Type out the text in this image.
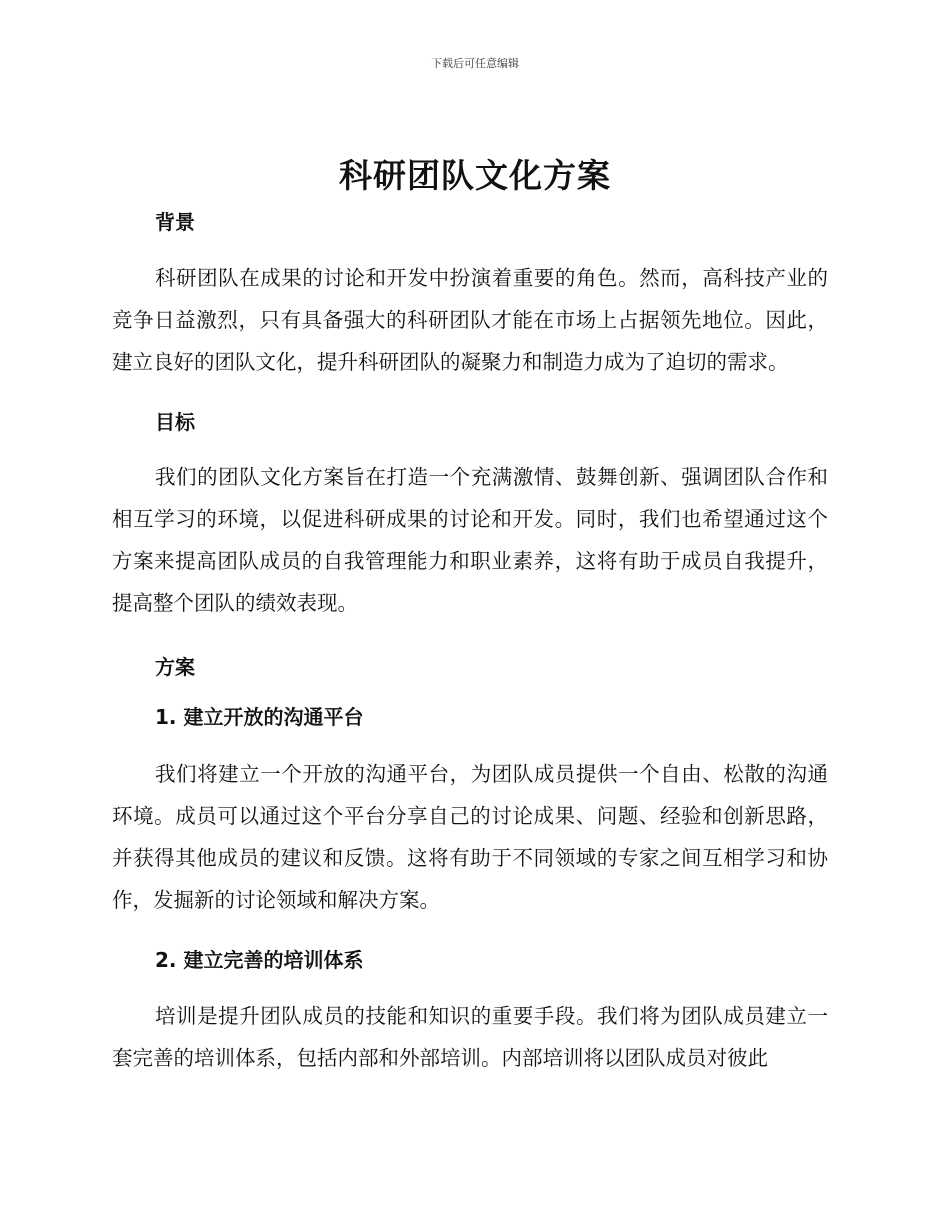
下载后可任意编辑
科研团队文化方案
背景

科研团队在成果的讨论和开发中扮演着重要的角色。然而，高科技产业的竞争日益激烈，只有具备强大的科研团队才能在市场上占据领先地位。因此，建立良好的团队文化，提升科研团队的凝聚力和制造力成为了迫切的需求。

目标

我们的团队文化方案旨在打造一个充满激情、鼓舞创新、强调团队合作和相互学习的环境，以促进科研成果的讨论和开发。同时，我们也希望通过这个方案来提高团队成员的自我管理能力和职业素养，这将有助于成员自我提升，提高整个团队的绩效表现。

方案
1. 建立开放的沟通平台

我们将建立一个开放的沟通平台，为团队成员提供一个自由、松散的沟通环境。成员可以通过这个平台分享自己的讨论成果、问题、经验和创新思路，并获得其他成员的建议和反馈。这将有助于不同领域的专家之间互相学习和协作，发掘新的讨论领域和解决方案。

2. 建立完善的培训体系

培训是提升团队成员的技能和知识的重要手段。我们将为团队成员建立一套完善的培训体系，包括内部和外部培训。内部培训将以团队成员对彼此
